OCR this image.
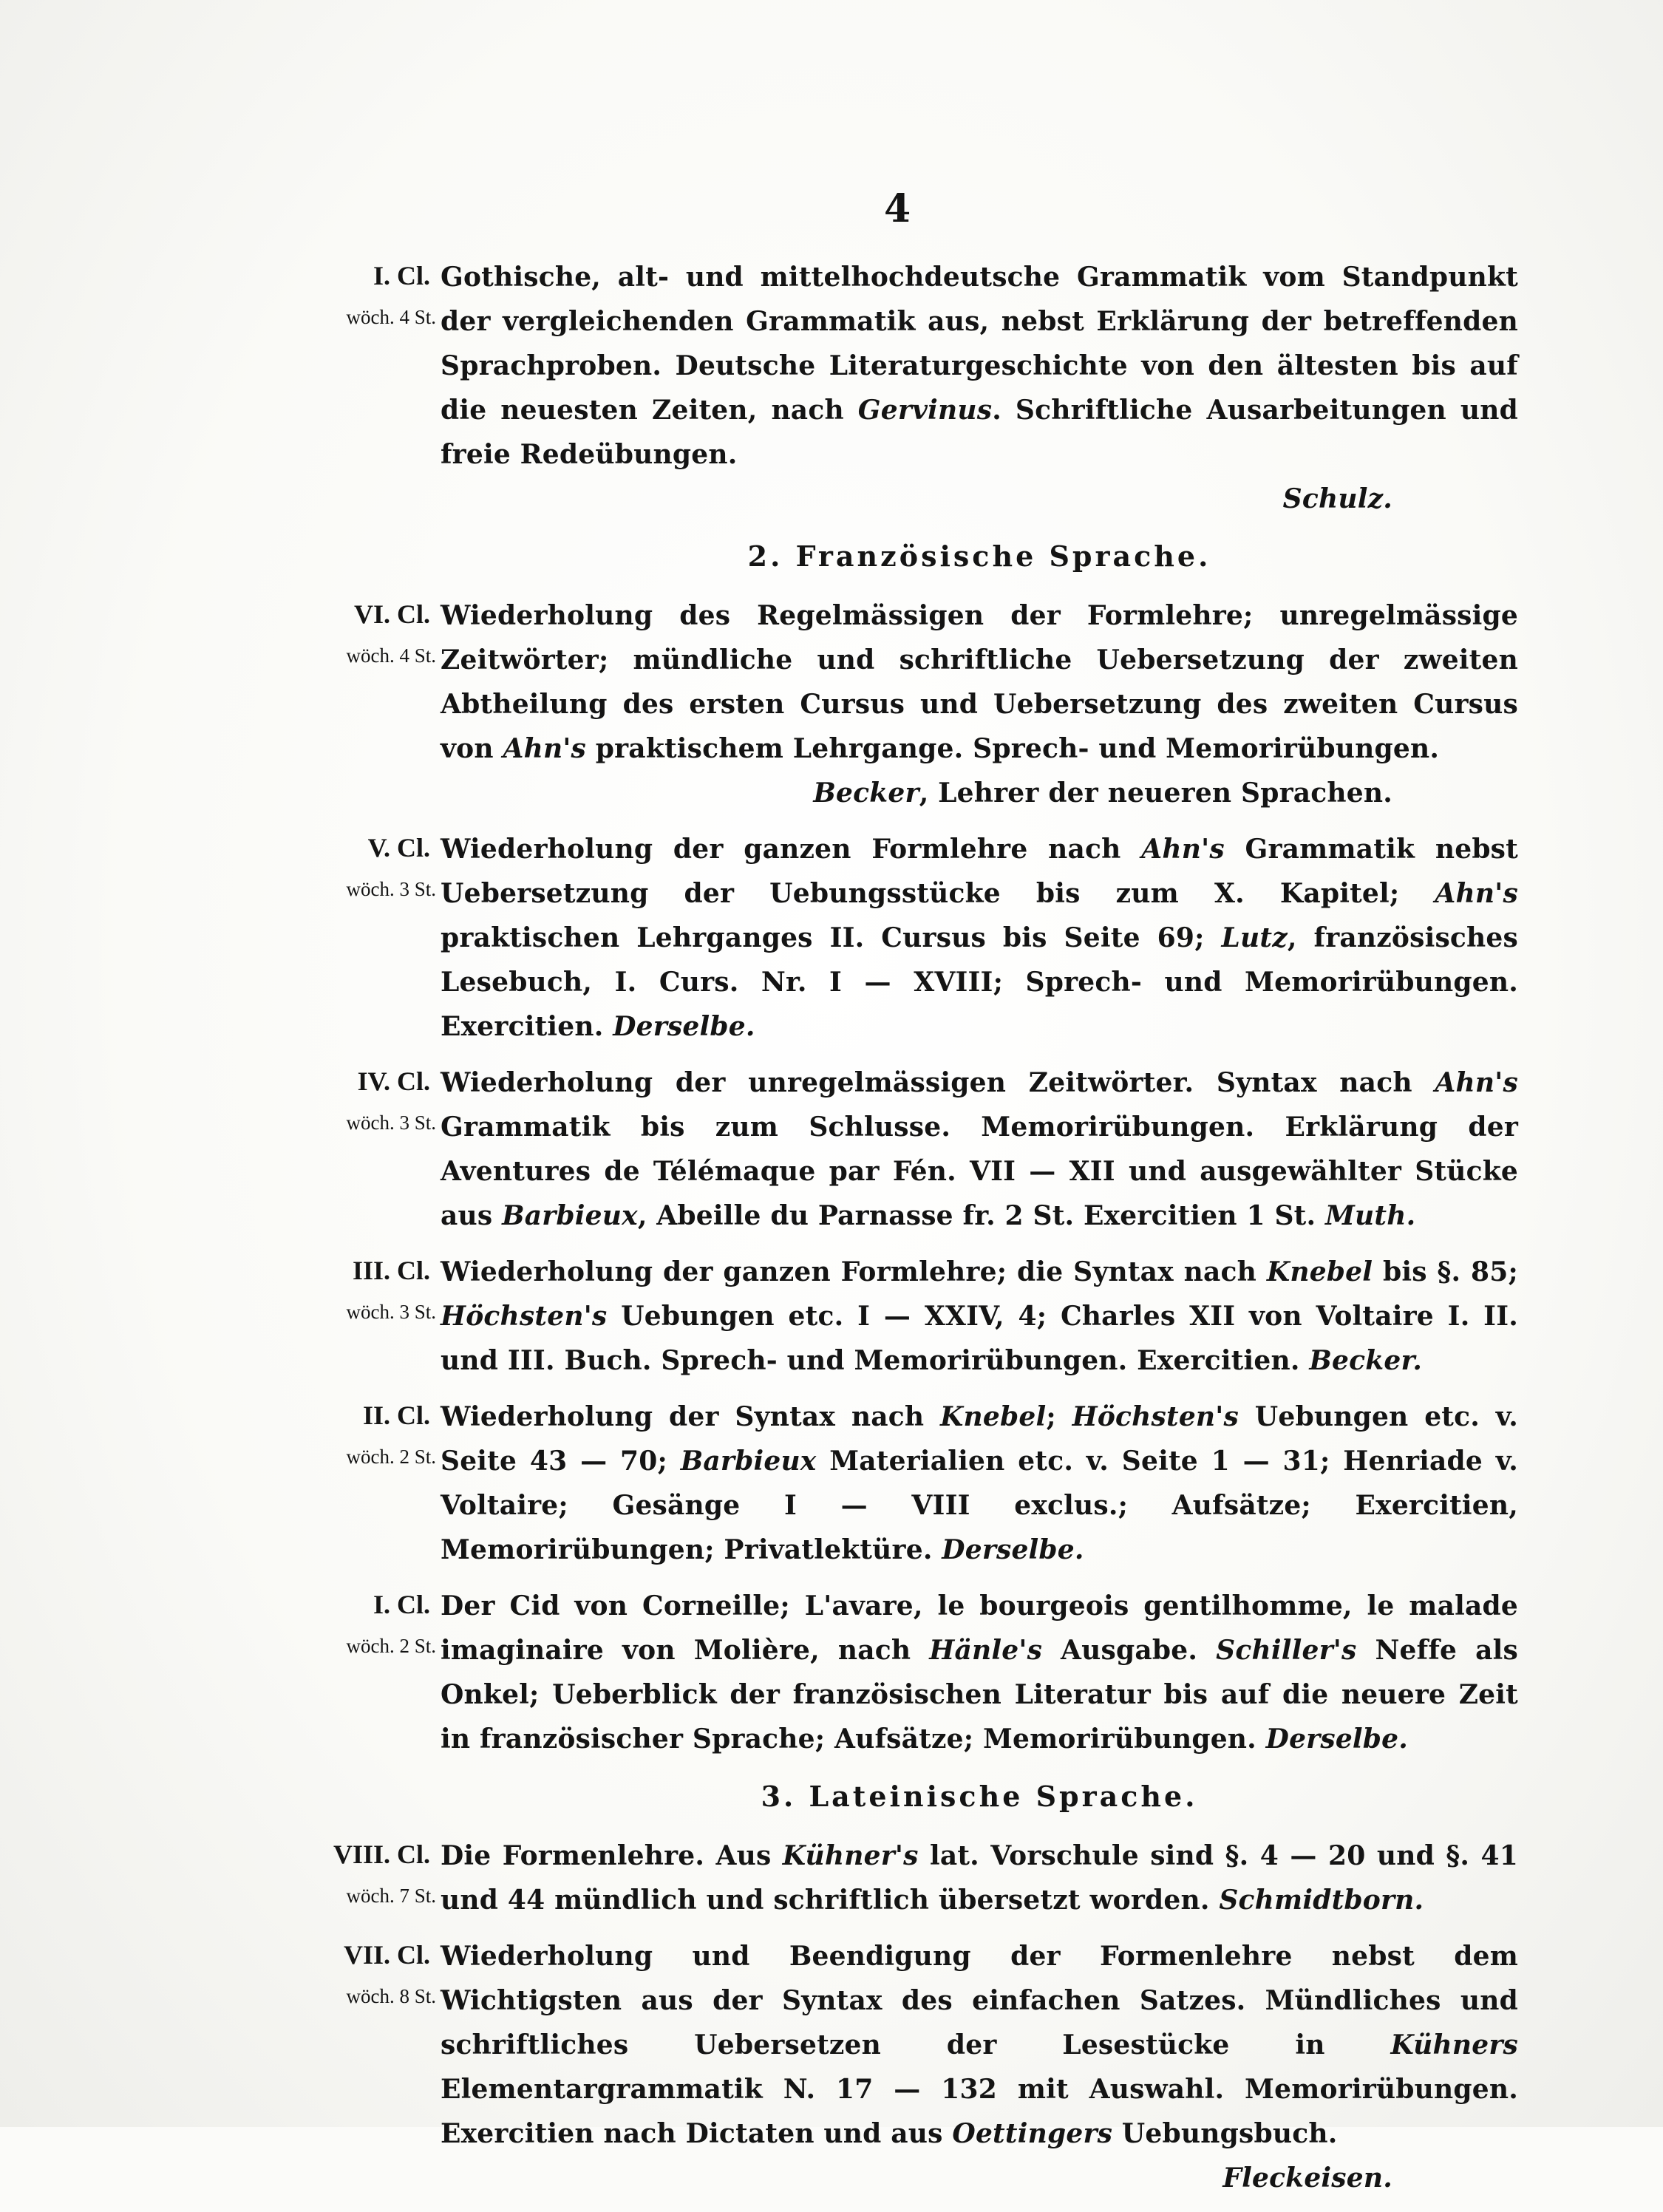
4
I. Cl.
wöch. 4 St.
Gothische, alt- und mittelhochdeutsche Grammatik vom Standpunkt der vergleichenden Grammatik aus, nebst Erklärung der betreffenden Sprachproben. Deutsche Literaturgeschichte von den ältesten bis auf die neuesten Zeiten, nach Gervinus. Schriftliche Ausarbeitungen und freie Redeübungen.
Schulz.
2. Französische Sprache.
VI. Cl.
wöch. 4 St.
Wiederholung des Regelmässigen der Formlehre; unregelmässige Zeitwörter; mündliche und schriftliche Uebersetzung der zweiten Abtheilung des ersten Cursus und Uebersetzung des zweiten Cursus von Ahn's praktischem Lehrgange. Sprech- und Memorirübungen.
Becker, Lehrer der neueren Sprachen.
V. Cl.
wöch. 3 St.
Wiederholung der ganzen Formlehre nach Ahn's Grammatik nebst Uebersetzung der Uebungsstücke bis zum X. Kapitel; Ahn's praktischen Lehrganges II. Cursus bis Seite 69; Lutz, französisches Lesebuch, I. Curs. Nr. I — XVIII; Sprech- und Memorirübungen. Exercitien. Derselbe.
IV. Cl.
wöch. 3 St.
Wiederholung der unregelmässigen Zeitwörter. Syntax nach Ahn's Grammatik bis zum Schlusse. Memorirübungen. Erklärung der Aventures de Télémaque par Fén. VII — XII und ausgewählter Stücke aus Barbieux, Abeille du Parnasse fr. 2 St. Exercitien 1 St. Muth.
III. Cl.
wöch. 3 St.
Wiederholung der ganzen Formlehre; die Syntax nach Knebel bis §. 85; Höchsten's Uebungen etc. I — XXIV, 4; Charles XII von Voltaire I. II. und III. Buch. Sprech- und Memorirübungen. Exercitien. Becker.
II. Cl.
wöch. 2 St.
Wiederholung der Syntax nach Knebel; Höchsten's Uebungen etc. v. Seite 43 — 70; Barbieux Materialien etc. v. Seite 1 — 31; Henriade v. Voltaire; Gesänge I — VIII exclus.; Aufsätze; Exercitien, Memorirübungen; Privatlektüre. Derselbe.
I. Cl.
wöch. 2 St.
Der Cid von Corneille; L'avare, le bourgeois gentilhomme, le malade imaginaire von Molière, nach Hänle's Ausgabe. Schiller's Neffe als Onkel; Ueberblick der französischen Literatur bis auf die neuere Zeit in französischer Sprache; Aufsätze; Memorirübungen. Derselbe.
3. Lateinische Sprache.
VIII. Cl.
wöch. 7 St.
Die Formenlehre. Aus Kühner's lat. Vorschule sind §. 4 — 20 und §. 41 und 44 mündlich und schriftlich übersetzt worden. Schmidtborn.
VII. Cl.
wöch. 8 St.
Wiederholung und Beendigung der Formenlehre nebst dem Wichtigsten aus der Syntax des einfachen Satzes. Mündliches und schriftliches Uebersetzen der Lesestücke in Kühners Elementargrammatik N. 17 — 132 mit Auswahl. Memorirübungen. Exercitien nach Dictaten und aus Oettingers Uebungsbuch.
Fleckeisen.
